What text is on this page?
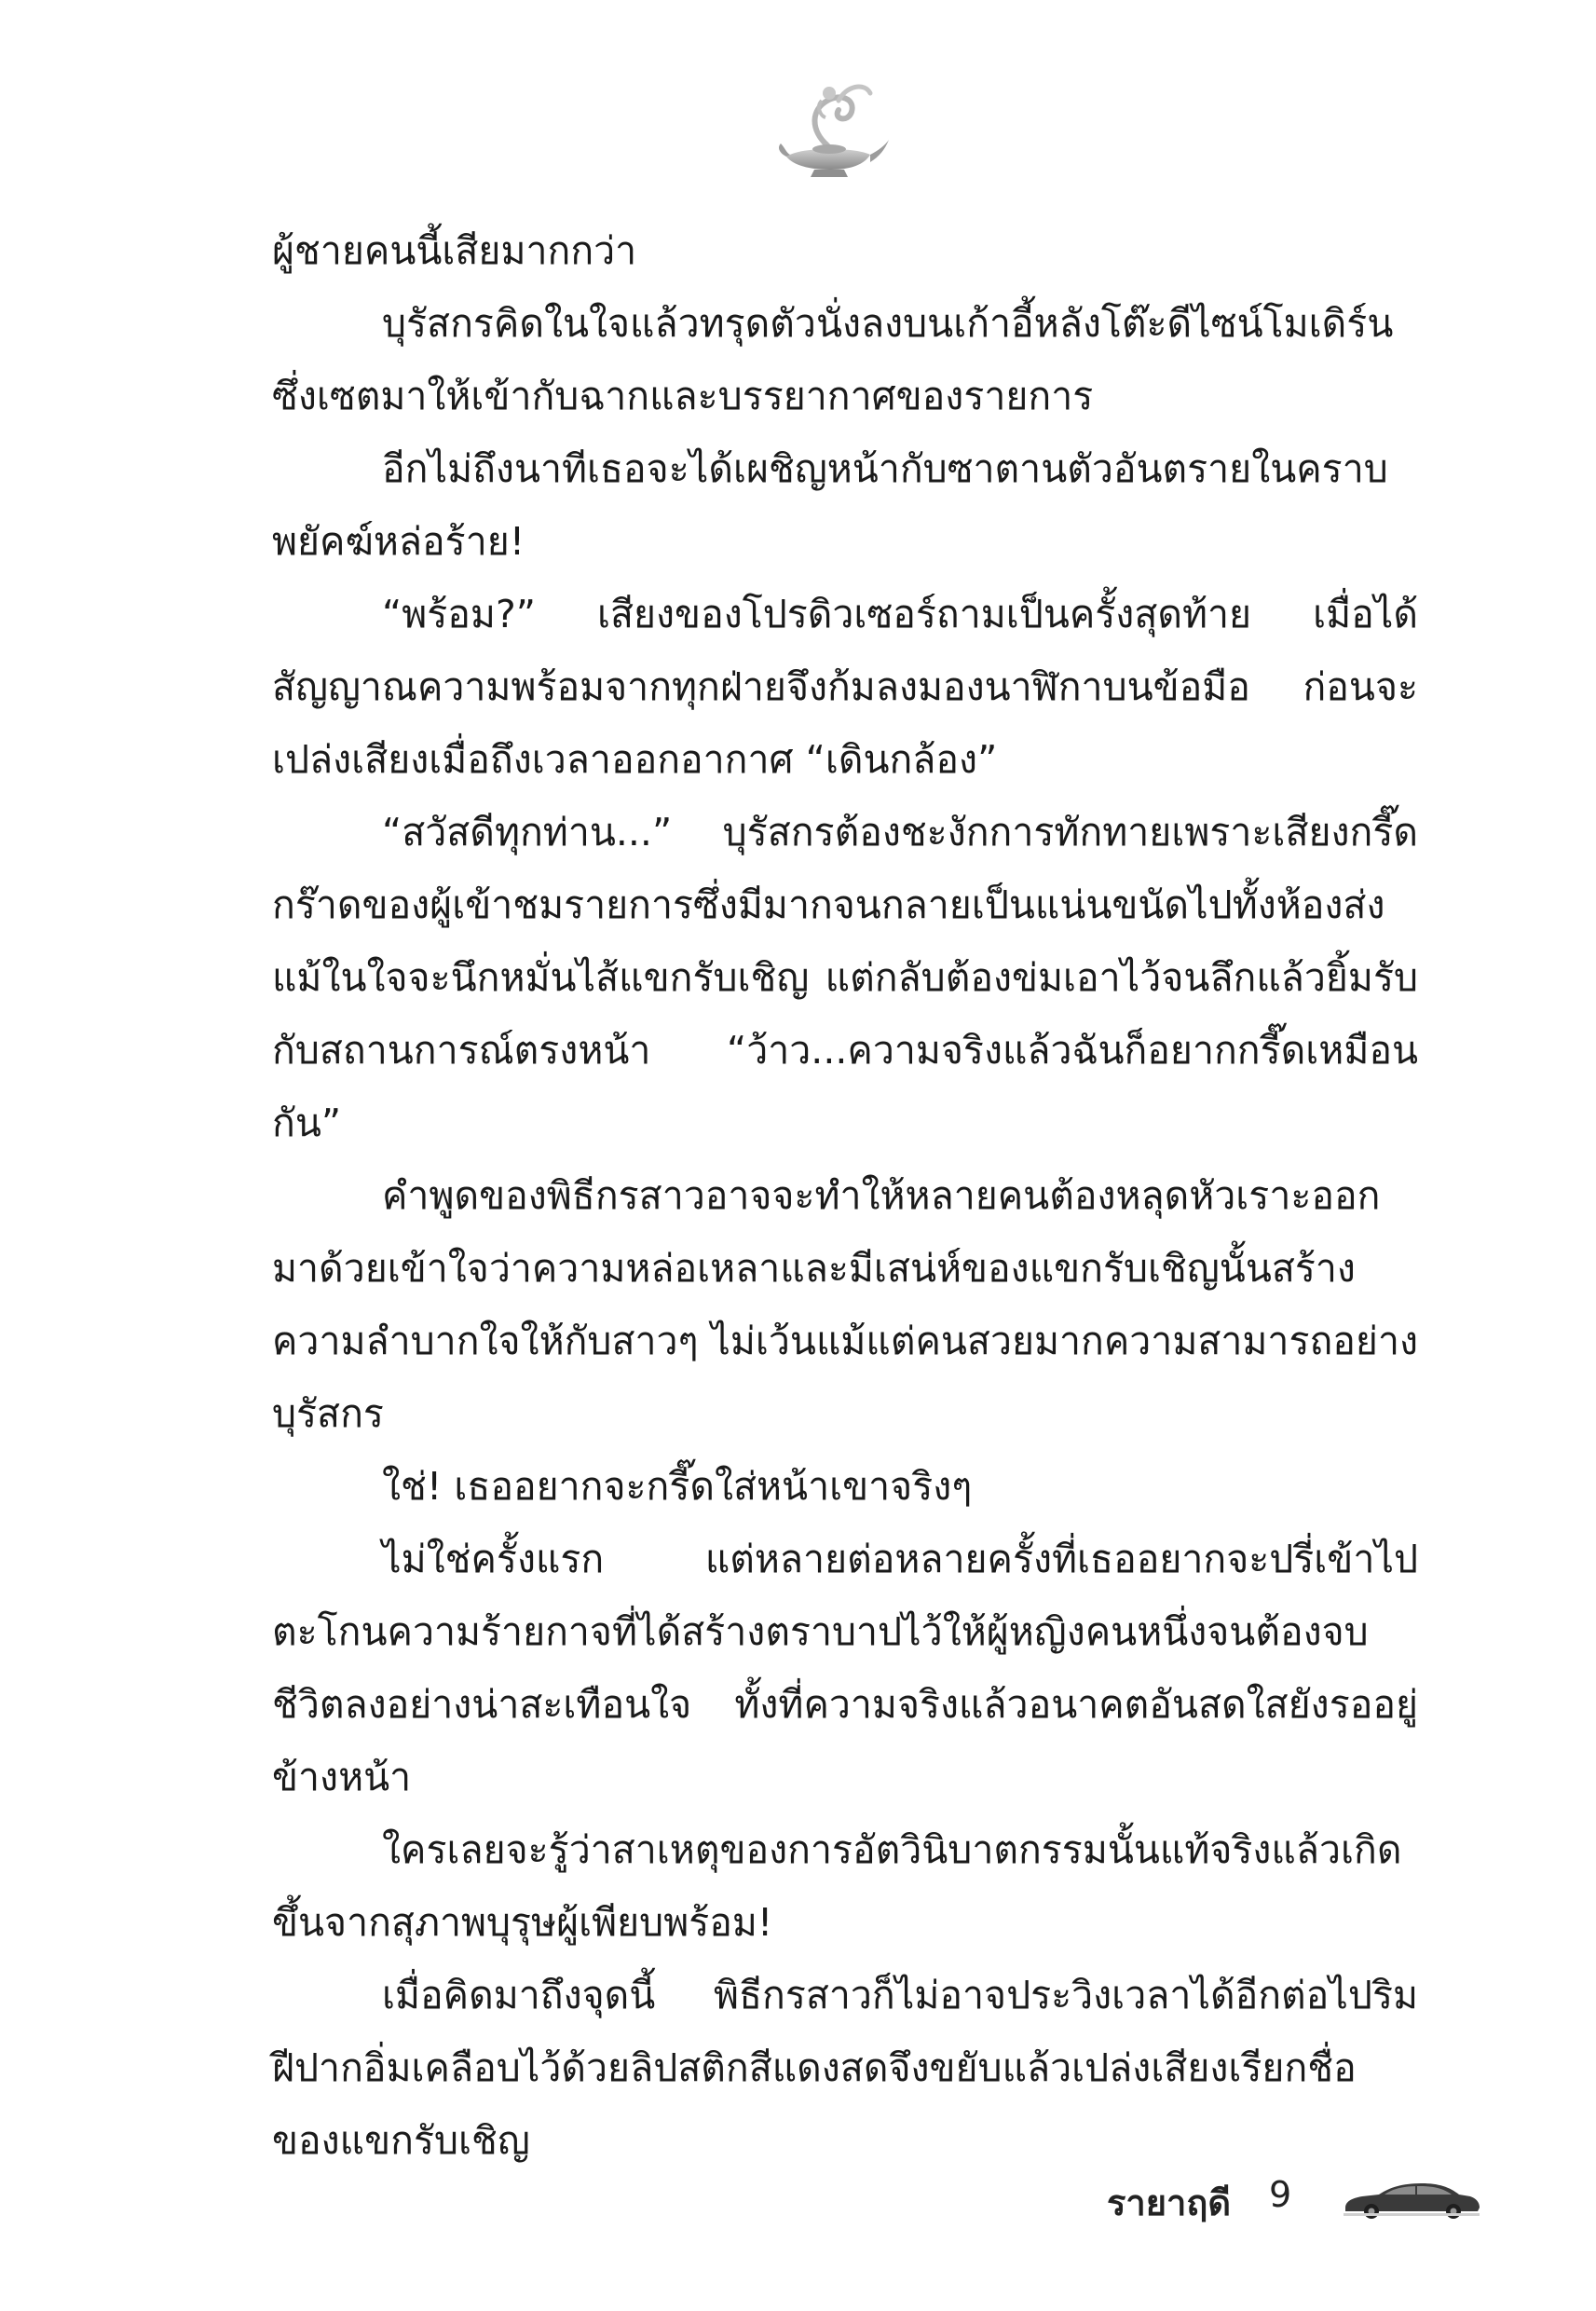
ผู้ชายคนนี้เสียมากกว่า

บุรัสกรคิดในใจแล้วทรุดตัวนั่งลงบนเก้าอี้หลังโต๊ะดีไซน์โมเดิร์นซึ่งเซตมาให้เข้ากับฉากและบรรยากาศของรายการ

อีกไม่ถึงนาทีเธอจะได้เผชิญหน้ากับซาตานตัวอันตรายในคราบพยัคฆ์หล่อร้าย!

“พร้อม?” เสียงของโปรดิวเซอร์ถามเป็นครั้งสุดท้าย เมื่อได้สัญญาณความพร้อมจากทุกฝ่ายจึงก้มลงมองนาฬิกาบนข้อมือ ก่อนจะเปล่งเสียงเมื่อถึงเวลาออกอากาศ “เดินกล้อง”

“สวัสดีทุกท่าน...” บุรัสกรต้องชะงักการทักทายเพราะเสียงกรี๊ดกร๊าดของผู้เข้าชมรายการซึ่งมีมากจนกลายเป็นแน่นขนัดไปทั้งห้องส่ง แม้ในใจจะนึกหมั่นไส้แขกรับเชิญ แต่กลับต้องข่มเอาไว้จนลึกแล้วยิ้มรับกับสถานการณ์ตรงหน้า “ว้าว...ความจริงแล้วฉันก็อยากกรี๊ดเหมือนกัน”

คำพูดของพิธีกรสาวอาจจะทำให้หลายคนต้องหลุดหัวเราะออกมาด้วยเข้าใจว่าความหล่อเหลาและมีเสน่ห์ของแขกรับเชิญนั้นสร้างความลำบากใจให้กับสาวๆ ไม่เว้นแม้แต่คนสวยมากความสามารถอย่างบุรัสกร

ใช่! เธออยากจะกรี๊ดใส่หน้าเขาจริงๆ

ไม่ใช่ครั้งแรก แต่หลายต่อหลายครั้งที่เธออยากจะปรี่เข้าไปตะโกนความร้ายกาจที่ได้สร้างตราบาปไว้ให้ผู้หญิงคนหนึ่งจนต้องจบชีวิตลงอย่างน่าสะเทือนใจ ทั้งที่ความจริงแล้วอนาคตอันสดใสยังรออยู่ข้างหน้า

ใครเลยจะรู้ว่าสาเหตุของการอัตวินิบาตกรรมนั้นแท้จริงแล้วเกิดขึ้นจากสุภาพบุรุษผู้เพียบพร้อม!

เมื่อคิดมาถึงจุดนี้ พิธีกรสาวก็ไม่อาจประวิงเวลาได้อีกต่อไปริมฝีปากอิ่มเคลือบไว้ด้วยลิปสติกสีแดงสดจึงขยับแล้วเปล่งเสียงเรียกชื่อของแขกรับเชิญ

รายาฤดี 9
